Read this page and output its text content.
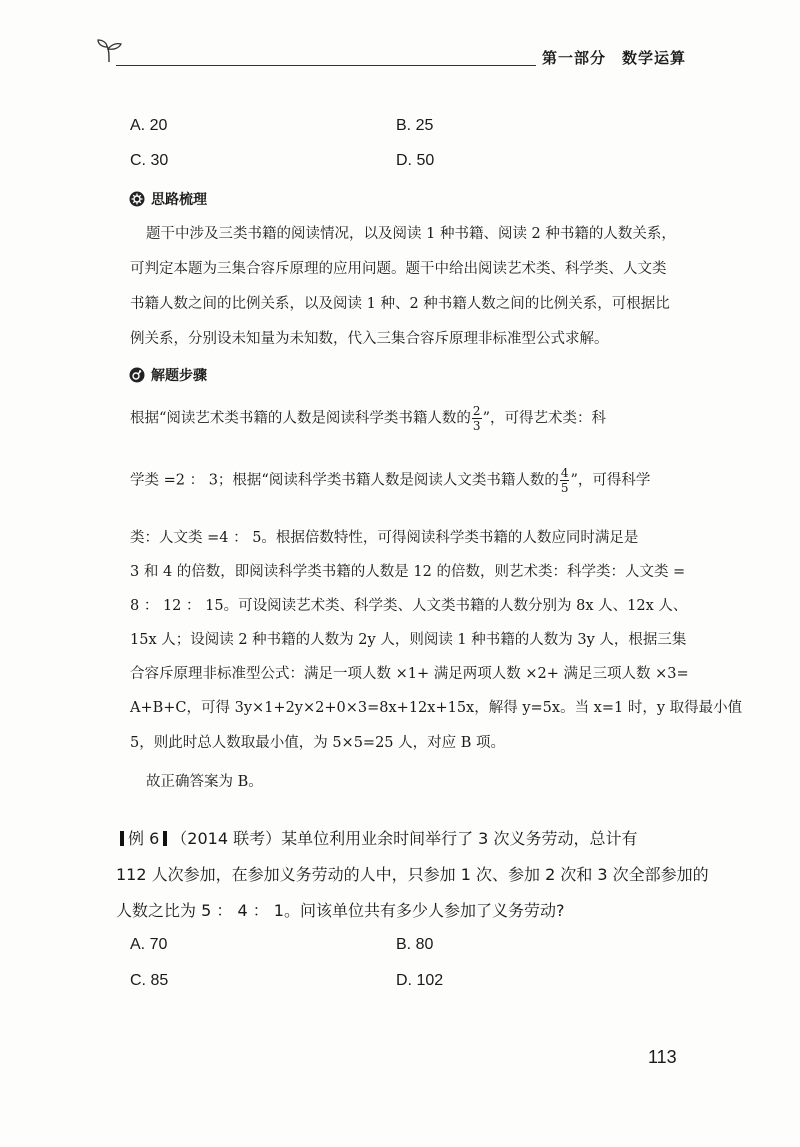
第一部分　数学运算
A. 20	B. 25
C. 30	D. 50
思路梳理
题干中涉及三类书籍的阅读情况，以及阅读 1 种书籍、阅读 2 种书籍的人数关系，
可判定本题为三集合容斥原理的应用问题。题干中给出阅读艺术类、科学类、人文类
书籍人数之间的比例关系，以及阅读 1 种、2 种书籍人数之间的比例关系，可根据比
例关系，分别设未知量为未知数，代入三集合容斥原理非标准型公式求解。
解题步骤
根据“阅读艺术类书籍的人数是阅读科学类书籍人数的 $\frac{2}{3}$ ”，可得艺术类：科
学类 =2 ： 3；根据“阅读科学类书籍人数是阅读人文类书籍人数的 $\frac{4}{5}$ ”，可得科学
类：人文类 =4 ： 5。根据倍数特性，可得阅读科学类书籍的人数应同时满足是
3 和 4 的倍数，即阅读科学类书籍的人数是 12 的倍数，则艺术类：科学类：人文类 =
8 ： 12 ： 15。可设阅读艺术类、科学类、人文类书籍的人数分别为 8x 人、12x 人、
15x 人；设阅读 2 种书籍的人数为 2y 人，则阅读 1 种书籍的人数为 3y 人，根据三集
合容斥原理非标准型公式：满足一项人数 ×1+ 满足两项人数 ×2+ 满足三项人数 ×3=
A+B+C，可得 3y×1+2y×2+0×3=8x+12x+15x，解得 y=5x。当 x=1 时，y 取得最小值
5，则此时总人数取最小值，为 5×5=25 人，对应 B 项。
故正确答案为 B。
例 6 （2014 联考）某单位利用业余时间举行了 3 次义务劳动，总计有
112 人次参加，在参加义务劳动的人中，只参加 1 次、参加 2 次和 3 次全部参加的
人数之比为 5 ： 4 ： 1。问该单位共有多少人参加了义务劳动?
A. 70	B. 80
C. 85	D. 102
113
